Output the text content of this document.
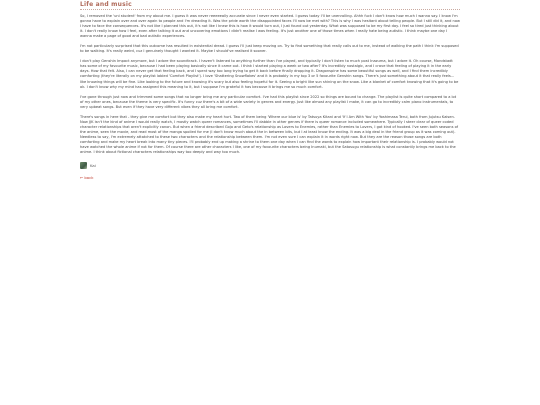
Life and music

So, I removed the 'uni student' from my about me. I guess it was never reeeeeally accurate since I never even started. I guess today I'll be unenrolling. Ahhh fuck I don't know how much I wanna say. I know I'm gonna have to explain over and over again to people and I'm dreading it. Was the pride worth the disappointed faces I'll now be met with? This is why I was hesitant about telling people. But I still did it, and now I have to face the consequences. It's not like I planned this out, it's not like I knew this is how it would turn out, I just found out yesterday. What was supposed to be my first day. I feel so tired just thinking about it. I don't really know how I feel, even after talking it out and uncovering emotions I didn't realise I was feeling. It's just another one of those times when I really hate being autistic. I think maybe one day I wanna make a page of good and bad autistic experiences.

I'm not particularly surprised that this outcome has resulted in existential dread. I guess I'll just keep moving on. Try to find something that really calls out to me, instead of walking the path I think I'm supposed to be walking. It's really weird, cuz I genuinely thought I wanted it. Maybe I should've realised it sooner.

I don't play Genshin Impact anymore, but I adore the soundtrack. I haven't listened to anything further than I've played, and typically I don't listen to much post Inazuma, but I adore it. Oh course, Mondstadt has some of my favourite music, because I had been playing basically since it came out. I think I started playing a week or two after? It's incredibly nostalgic, and I crave that feeling of playing it in the early days. How that felt. Also, I can never get that feeling back, and I spent way too long trying to get it back before finally dropping it. Dragonspine has some beautiful songs as well, and I find them incredibly comforting (they're literally on my playlist labled 'Comfort Playlist'). I love 'Shattering Snowflakes' and it is probably in my top 3 or 5 favourite Genshin songs. There's just something about it that really feels... like knowing things will be fine. Like looking to the future and knowing it's scary but also feeling hopeful for it. Seeing a bright like sun shining on the snow. Like a blanket of comfort knowing that it's going to be ok. I don't know why my mind has assigned this meaning to it, but I suppose I'm grateful it has because it brings me so much comfort.

I've gone through just now and trimmed some songs that no longer bring me any particular comfort. I've had this playlist since 2022 so things are bound to change. The playlist is quite short compared to a lot of my other ones, because the theme is very specific. It's funny cuz there's a bit of a wide variety in genres and energy. Just like almost any playlist I make, it can go to incredibly calm piano instrumentals, to very upbeat songs. But even if they have very different vibes they all bring me comfort.

There's songs in here that - they give me comfort but they also make my heart hurt. Two of them being 'Where our blue is' by Tatsuya Kitani and 'If I Am With You' by Yoshimasa Terui, both from Jujutsu Kaisen. Now JJK isn't the kind of anime I would really watch, I mostly watch queer romances, sometimes I'll dabble in other genres if there is queer romance included somewhere. Typically I steer clear of queer coded character relationships that aren't explicitly canon. But when a friend described Gojo and Geto's relationship as Lovers to Enemies, rather than Enemies to Lovers, I got kind of hooked. I've seen both seasons of the anime, seen the movie, and read most of the manga spoiled for me (I don't know much about the in between bits, but I at least know the ending. It was a big deal in the friend group as it was coming out). Needless to say, I'm extremely attatched to these two characters and the relationship between them. I'm not even sure I can explain it in words right now. But they are the reason those songs are both comforting and make my heart break into many tiny pieces. I'll probably end up making a shrine to them one day when I can find the words to explain how important their relationship is. I probably would not have watched the whole anime if not for them. Of course there are other characters I like, one of my favourite characters being Inumaki, but the Satosugu relationship is what constantly brings me back to the anime. I think about fictional characters relationships way too deeply and way too much.

Kai
← back
